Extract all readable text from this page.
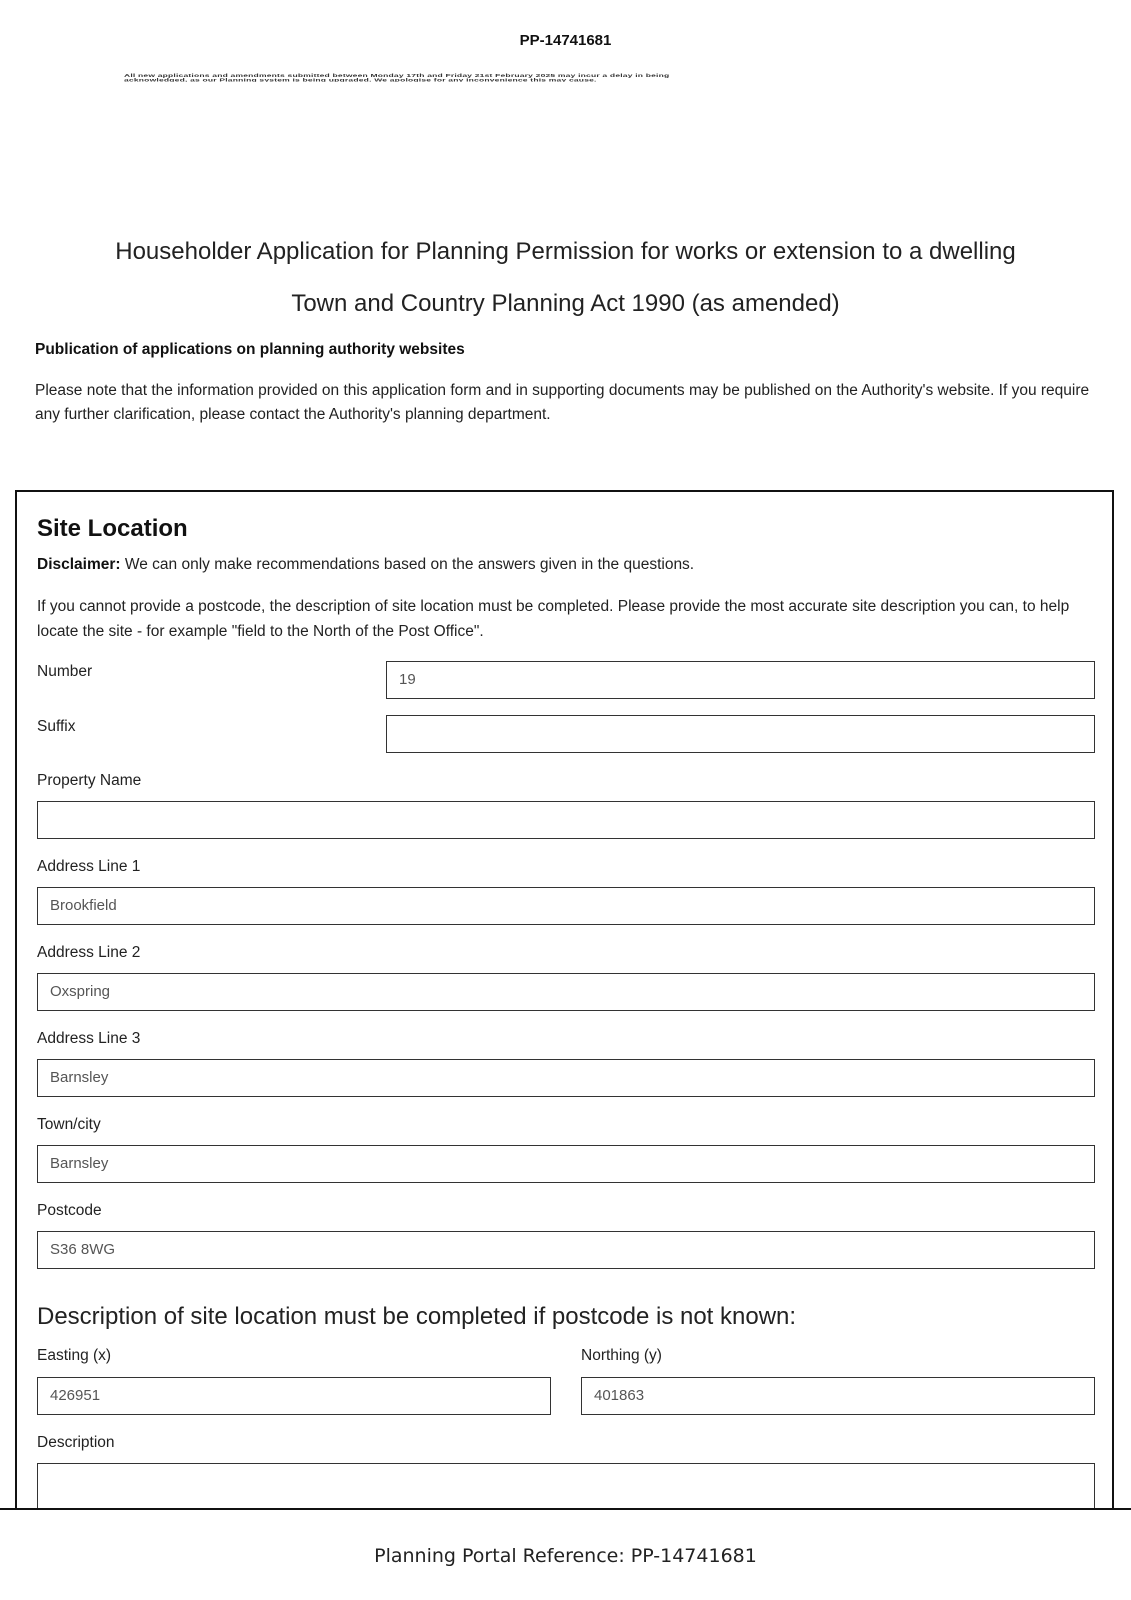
PP-14741681
All new applications and amendments submitted between Monday 17th and Friday 21st February 2025 may incur a delay in being
acknowledged, as our Planning system is being upgraded. We apologise for any inconvenience this may cause.
Householder Application for Planning Permission for works or extension to a dwelling
Town and Country Planning Act 1990 (as amended)
Publication of applications on planning authority websites
Please note that the information provided on this application form and in supporting documents may be published on the Authority's website. If you require any further clarification, please contact the Authority's planning department.
Site Location
Disclaimer: We can only make recommendations based on the answers given in the questions.
If you cannot provide a postcode, the description of site location must be completed. Please provide the most accurate site description you can, to help locate the site - for example "field to the North of the Post Office".
Number	19
Suffix
Property Name
Address Line 1
Brookfield
Address Line 2
Oxspring
Address Line 3
Barnsley
Town/city
Barnsley
Postcode
S36 8WG
Description of site location must be completed if postcode is not known:
Easting (x)
426951
Northing (y)
401863
Description
Planning Portal Reference: PP-14741681
